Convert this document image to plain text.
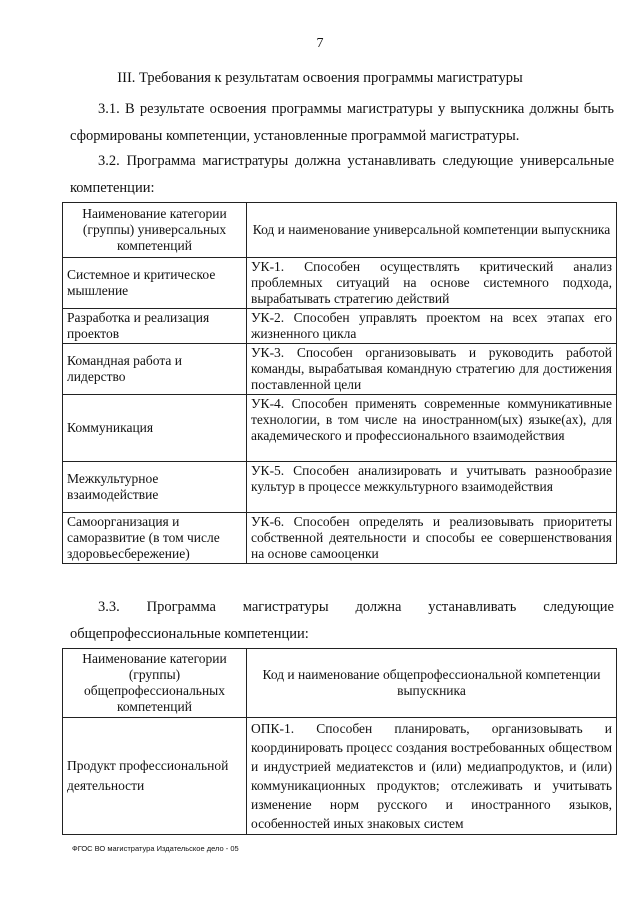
7
III. Требования к результатам освоения программы магистратуры
3.1. В результате освоения программы магистратуры у выпускника должны быть сформированы компетенции, установленные программой магистратуры.
3.2. Программа магистратуры должна устанавливать следующие универсальные компетенции:
Наименование категории (группы) универсальных компетенций	Код и наименование универсальной компетенции выпускника
Системное и критическое мышление	УК-1. Способен осуществлять критический анализ проблемных ситуаций на основе системного подхода, вырабатывать стратегию действий
Разработка и реализация проектов	УК-2. Способен управлять проектом на всех этапах его жизненного цикла
Командная работа и лидерство	УК-3. Способен организовывать и руководить работой команды, вырабатывая командную стратегию для достижения поставленной цели
Коммуникация	УК-4. Способен применять современные коммуникативные технологии, в том числе на иностранном(ых) языке(ах), для академического и профессионального взаимодействия
Межкультурное взаимодействие	УК-5. Способен анализировать и учитывать разнообразие культур в процессе межкультурного взаимодействия
Самоорганизация и саморазвитие (в том числе здоровьесбережение)	УК-6. Способен определять и реализовывать приоритеты собственной деятельности и способы ее совершенствования на основе самооценки
3.3. Программа магистратуры должна устанавливать следующие общепрофессиональные компетенции:
Наименование категории (группы) общепрофессиональных компетенций	Код и наименование общепрофессиональной компетенции выпускника
Продукт профессиональной деятельности	ОПК-1. Способен планировать, организовывать и координировать процесс создания востребованных обществом и индустрией медиатекстов и (или) медиапродуктов, и (или) коммуникационных продуктов; отслеживать и учитывать изменение норм русского и иностранного языков, особенностей иных знаковых систем
ФГОС ВО магистратура Издательское дело - 05
